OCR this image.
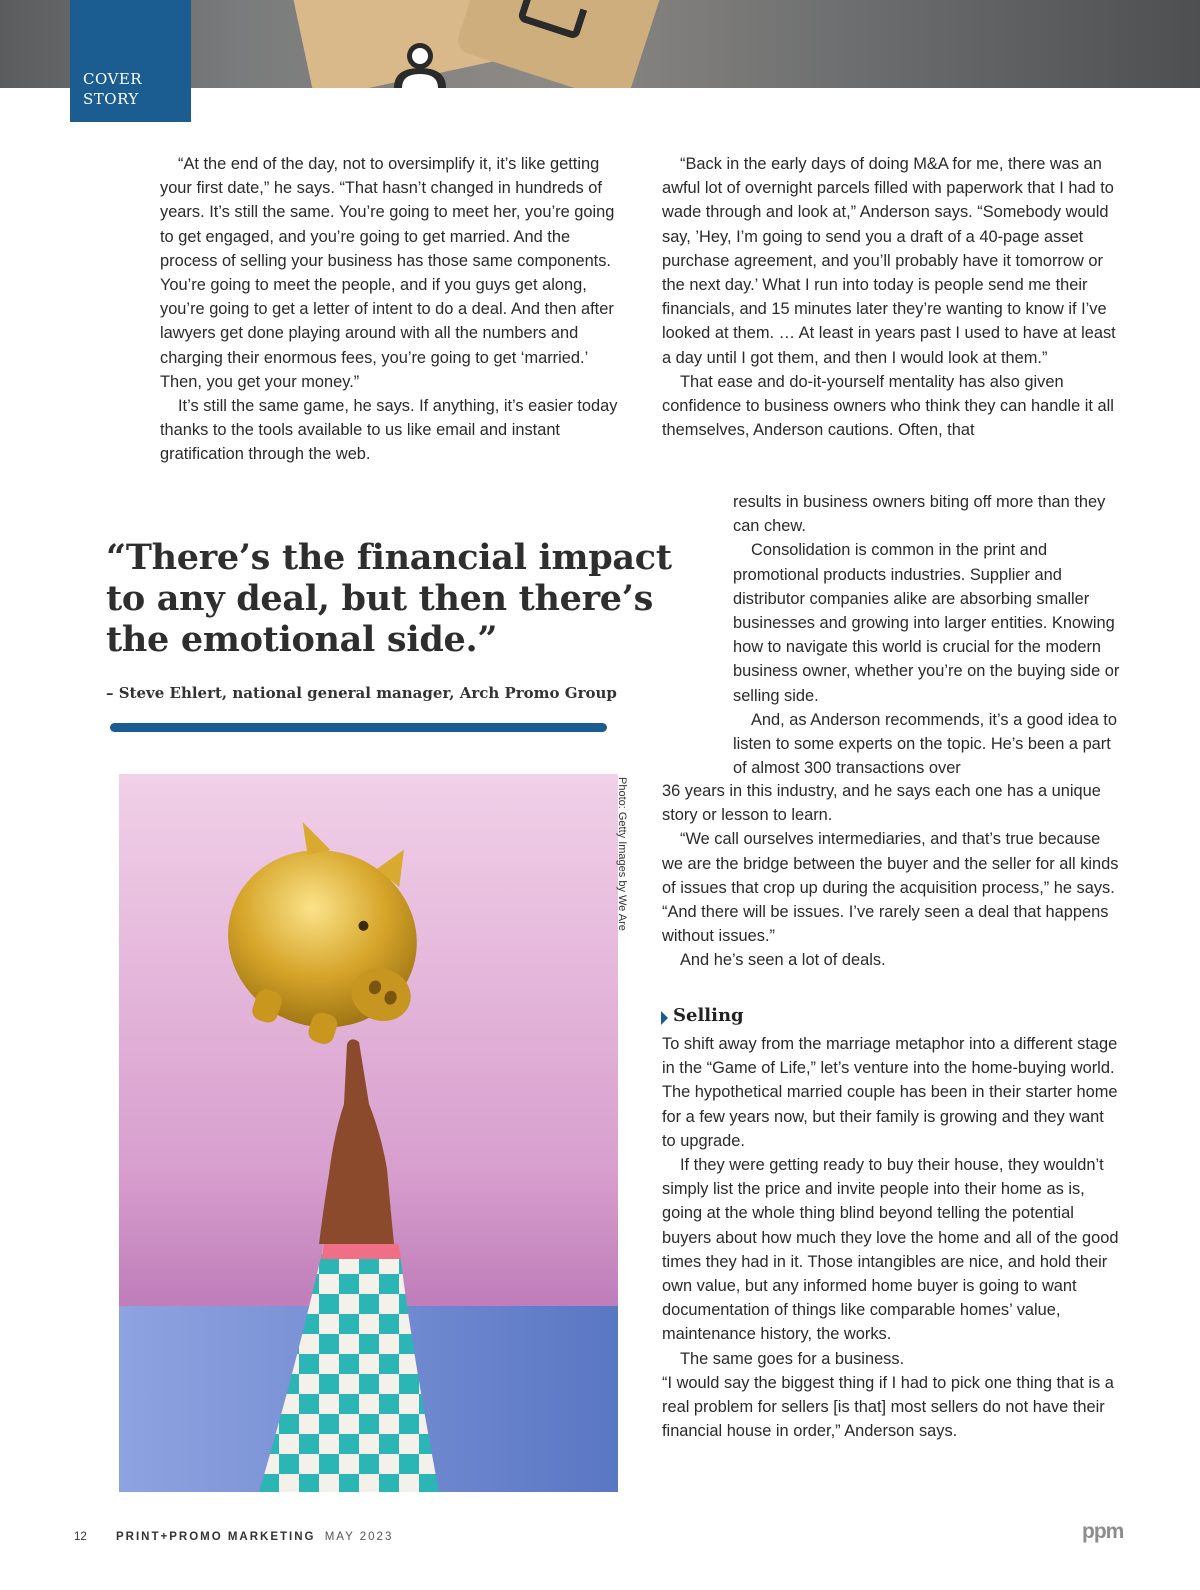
COVER
STORY

“At the end of the day, not to oversimplify it, it’s like getting your first date,” he says. “That hasn’t changed in hundreds of years. It’s still the same. You’re going to meet her, you’re going to get engaged, and you’re going to get married. And the process of selling your business has those same components. You’re going to meet the people, and if you guys get along, you’re going to get a letter of intent to do a deal. And then after lawyers get done playing around with all the numbers and charging their enormous fees, you’re going to get ‘married.’ Then, you get your money.”

It’s still the same game, he says. If anything, it’s easier today thanks to the tools available to us like email and instant gratification through the web.

“There’s the financial impact to any deal, but then there’s the emotional side.”
– Steve Ehlert, national general manager, Arch Promo Group
Photo: Getty Images by We Are

“Back in the early days of doing M&A for me, there was an awful lot of overnight parcels filled with paperwork that I had to wade through and look at,” Anderson says. “Somebody would say, ’Hey, I’m going to send you a draft of a 40-page asset purchase agreement, and you’ll probably have it tomorrow or the next day.’ What I run into today is people send me their financials, and 15 minutes later they’re wanting to know if I’ve looked at them. … At least in years past I used to have at least a day until I got them, and then I would look at them.”

That ease and do-it-yourself mentality has also given confidence to business owners who think they can handle it all themselves, Anderson cautions. Often, that

results in business owners biting off more than they can chew.

Consolidation is common in the print and promotional products industries. Supplier and distributor companies alike are absorbing smaller businesses and growing into larger entities. Knowing how to navigate this world is crucial for the modern business owner, whether you’re on the buying side or selling side.

And, as Anderson recommends, it’s a good idea to listen to some experts on the topic. He’s been a part of almost 300 transactions over

36 years in this industry, and he says each one has a unique story or lesson to learn.

“We call ourselves intermediaries, and that’s true because we are the bridge between the buyer and the seller for all kinds of issues that crop up during the acquisition process,” he says. “And there will be issues. I’ve rarely seen a deal that happens without issues.”

And he’s seen a lot of deals.

Selling

To shift away from the marriage metaphor into a different stage in the “Game of Life,” let’s venture into the home-buying world. The hypothetical married couple has been in their starter home for a few years now, but their family is growing and they want to upgrade.

If they were getting ready to buy their house, they wouldn’t simply list the price and invite people into their home as is, going at the whole thing blind beyond telling the potential buyers about how much they love the home and all of the good times they had in it. Those intangibles are nice, and hold their own value, but any informed home buyer is going to want documentation of things like comparable homes’ value, maintenance history, the works.

The same goes for a business.

“I would say the biggest thing if I had to pick one thing that is a real problem for sellers [is that] most sellers do not have their financial house in order,” Anderson says.

12	PRINT+PROMO MARKETING MAY 2023	ppm
